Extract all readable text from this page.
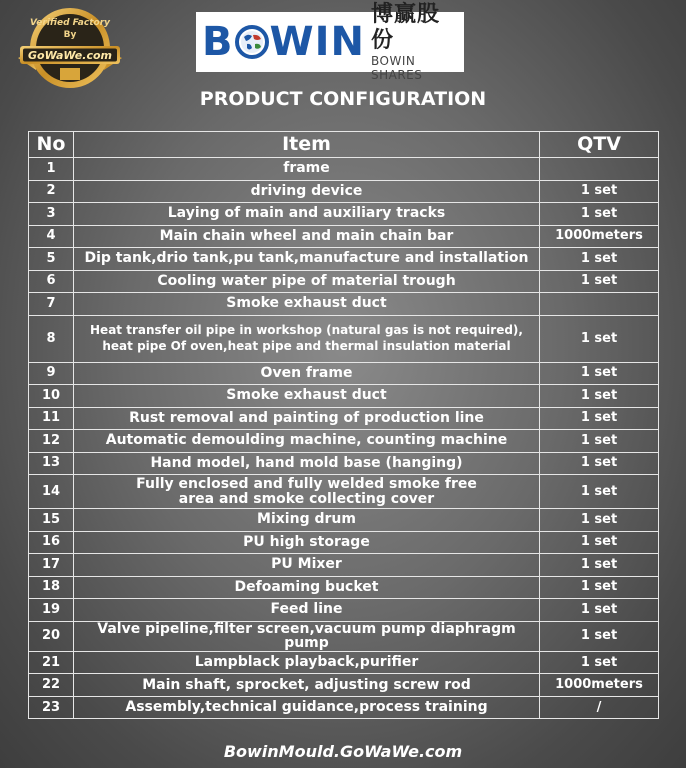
Verified Factory
By
GoWaWe.com	B WIN
博赢股份
BOWIN SHARES
PRODUCT CONFIGURATION
No	Item	QTV
1	frame	
2	driving device	1 set
3	Laying of main and auxiliary tracks	1 set
4	Main chain wheel and main chain bar	1000meters
5	Dip tank,drio tank,pu tank,manufacture and installation	1 set
6	Cooling water pipe of material trough	1 set
7	Smoke exhaust duct	
8	Heat transfer oil pipe in workshop (natural gas is not required),
heat pipe Of oven,heat pipe and thermal insulation material	1 set
9	Oven frame	1 set
10	Smoke exhaust duct	1 set
11	Rust removal and painting of production line	1 set
12	Automatic demoulding machine, counting machine	1 set
13	Hand model, hand mold base (hanging)	1 set
14	Fully enclosed and fully welded smoke free
area and smoke collecting cover	1 set
15	Mixing drum	1 set
16	PU high storage	1 set
17	PU Mixer	1 set
18	Defoaming bucket	1 set
19	Feed line	1 set
20	Valve pipeline,filter screen,vacuum pump diaphragm pump	1 set
21	Lampblack playback,purifier	1 set
22	Main shaft, sprocket, adjusting screw rod	1000meters
23	Assembly,technical guidance,process training	/
BowinMould.GoWaWe.com
